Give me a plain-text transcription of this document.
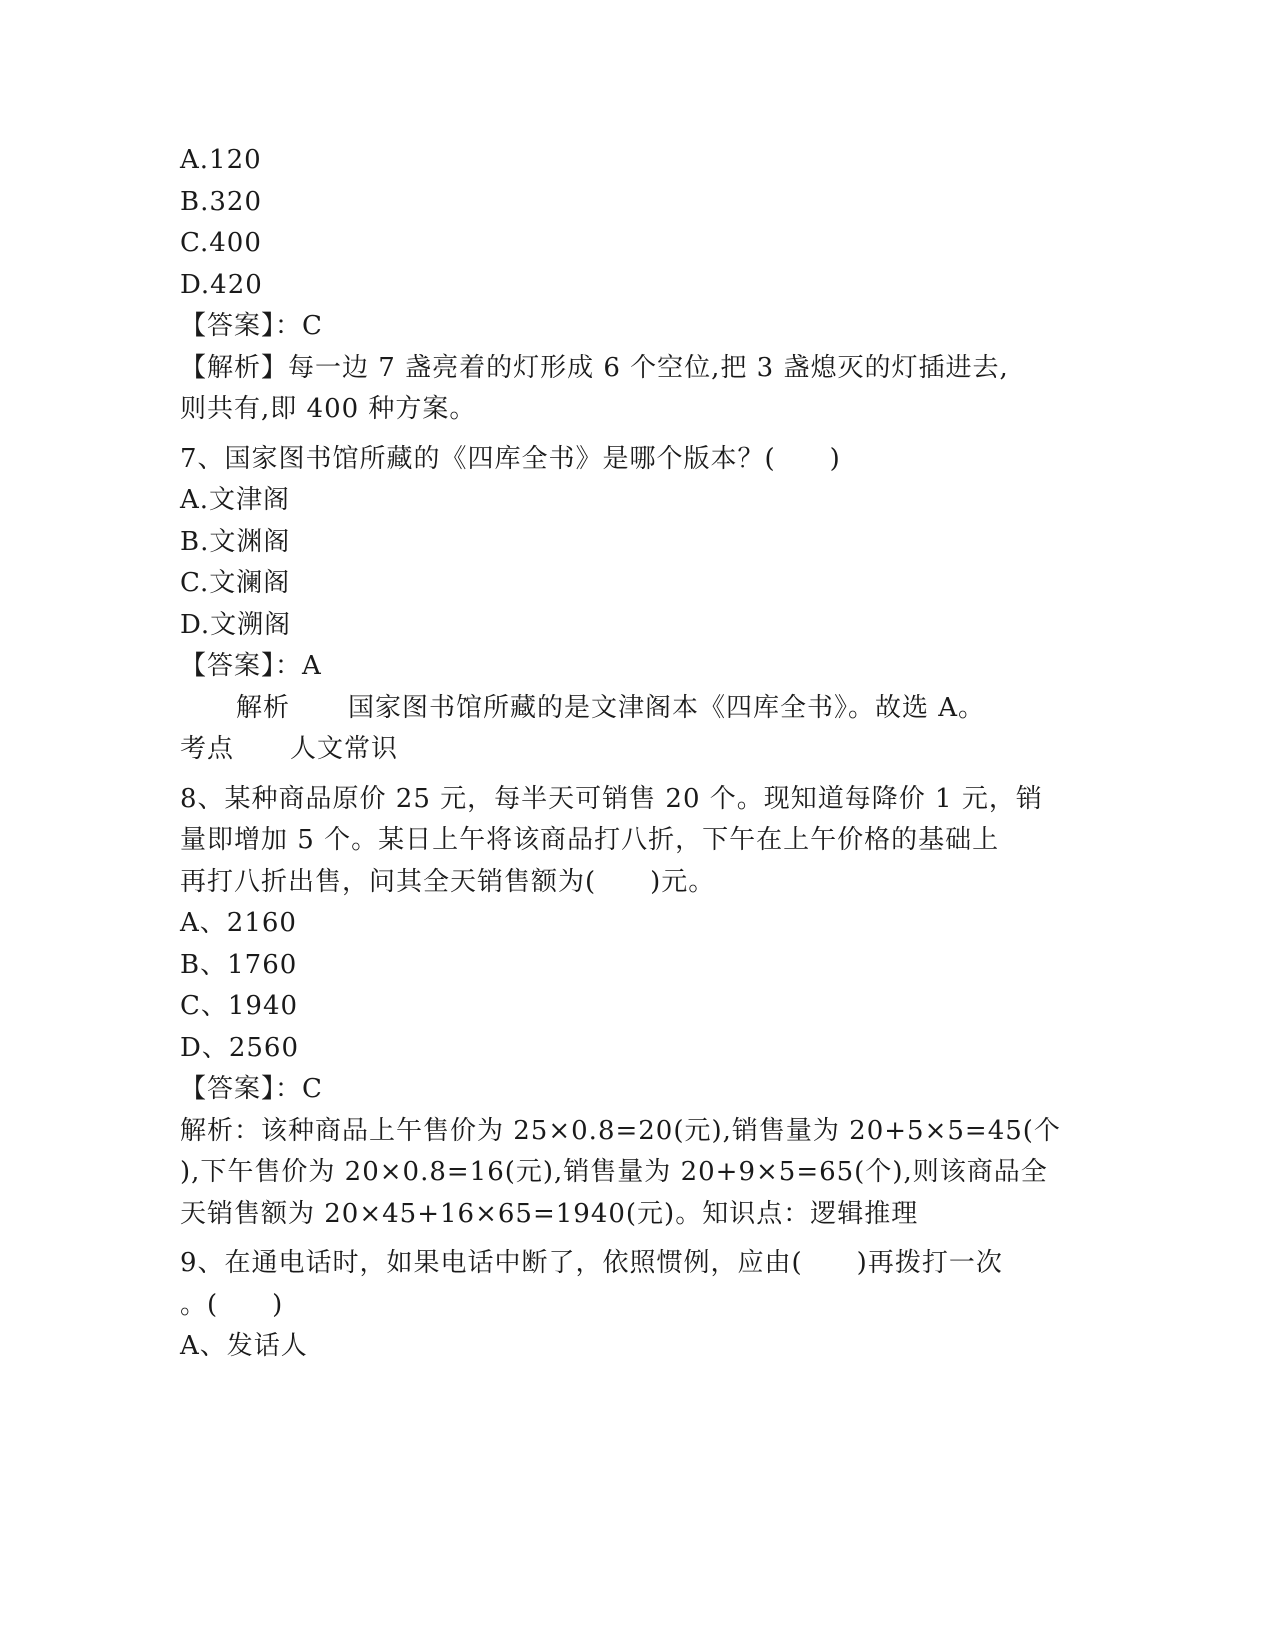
A.120
B.320
C.400
D.420
【答案】：C
【解析】每一边 7 盏亮着的灯形成 6 个空位,把 3 盏熄灭的灯插进去,
则共有,即 400 种方案。
7、国家图书馆所藏的《四库全书》是哪个版本？(　　)
A.文津阁
B.文渊阁
C.文澜阁
D.文溯阁
【答案】：A
解析 国家图书馆所藏的是文津阁本《四库全书》。故选 A。
考点 人文常识
8、某种商品原价 25 元，每半天可销售 20 个。现知道每降价 1 元，销
量即增加 5 个。某日上午将该商品打八折，下午在上午价格的基础上
再打八折出售，问其全天销售额为(　　)元。
A、2160
B、1760
C、1940
D、2560
【答案】：C
解析：该种商品上午售价为 25×0.8=20(元),销售量为 20+5×5=45(个
),下午售价为 20×0.8=16(元),销售量为 20+9×5=65(个),则该商品全
天销售额为 20×45+16×65=1940(元)。知识点：逻辑推理
9、在通电话时，如果电话中断了，依照惯例，应由(　　)再拨打一次
。(　　)
A、发话人
